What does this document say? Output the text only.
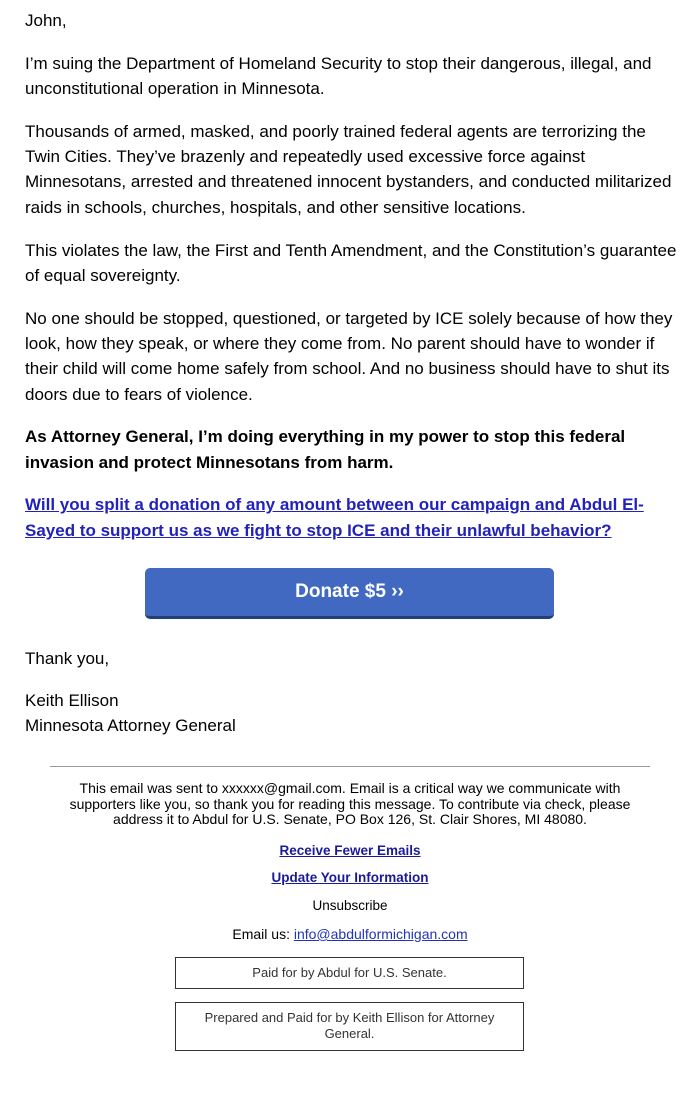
John,

I’m suing the Department of Homeland Security to stop their dangerous, illegal, and unconstitutional operation in Minnesota.

Thousands of armed, masked, and poorly trained federal agents are terrorizing the Twin Cities. They’ve brazenly and repeatedly used excessive force against Minnesotans, arrested and threatened innocent bystanders, and conducted militarized raids in schools, churches, hospitals, and other sensitive locations.

This violates the law, the First and Tenth Amendment, and the Constitution’s guarantee of equal sovereignty.

No one should be stopped, questioned, or targeted by ICE solely because of how they look, how they speak, or where they come from. No parent should have to wonder if their child will come home safely from school. And no business should have to shut its doors due to fears of violence.

As Attorney General, I’m doing everything in my power to stop this federal invasion and protect Minnesotans from harm.

Will you split a donation of any amount between our campaign and Abdul El-Sayed to support us as we fight to stop ICE and their unlawful behavior?

Donate $5 ››
Thank you,
Keith Ellison
Minnesota Attorney General
This email was sent to xxxxxx@gmail.com. Email is a critical way we communicate with supporters like you, so thank you for reading this message. To contribute via check, please address it to Abdul for U.S. Senate, PO Box 126, St. Clair Shores, MI 48080.
Receive Fewer Emails
Update Your Information
Unsubscribe
Email us: info@abdulformichigan.com
Paid for by Abdul for U.S. Senate.
Prepared and Paid for by Keith Ellison for Attorney General.
